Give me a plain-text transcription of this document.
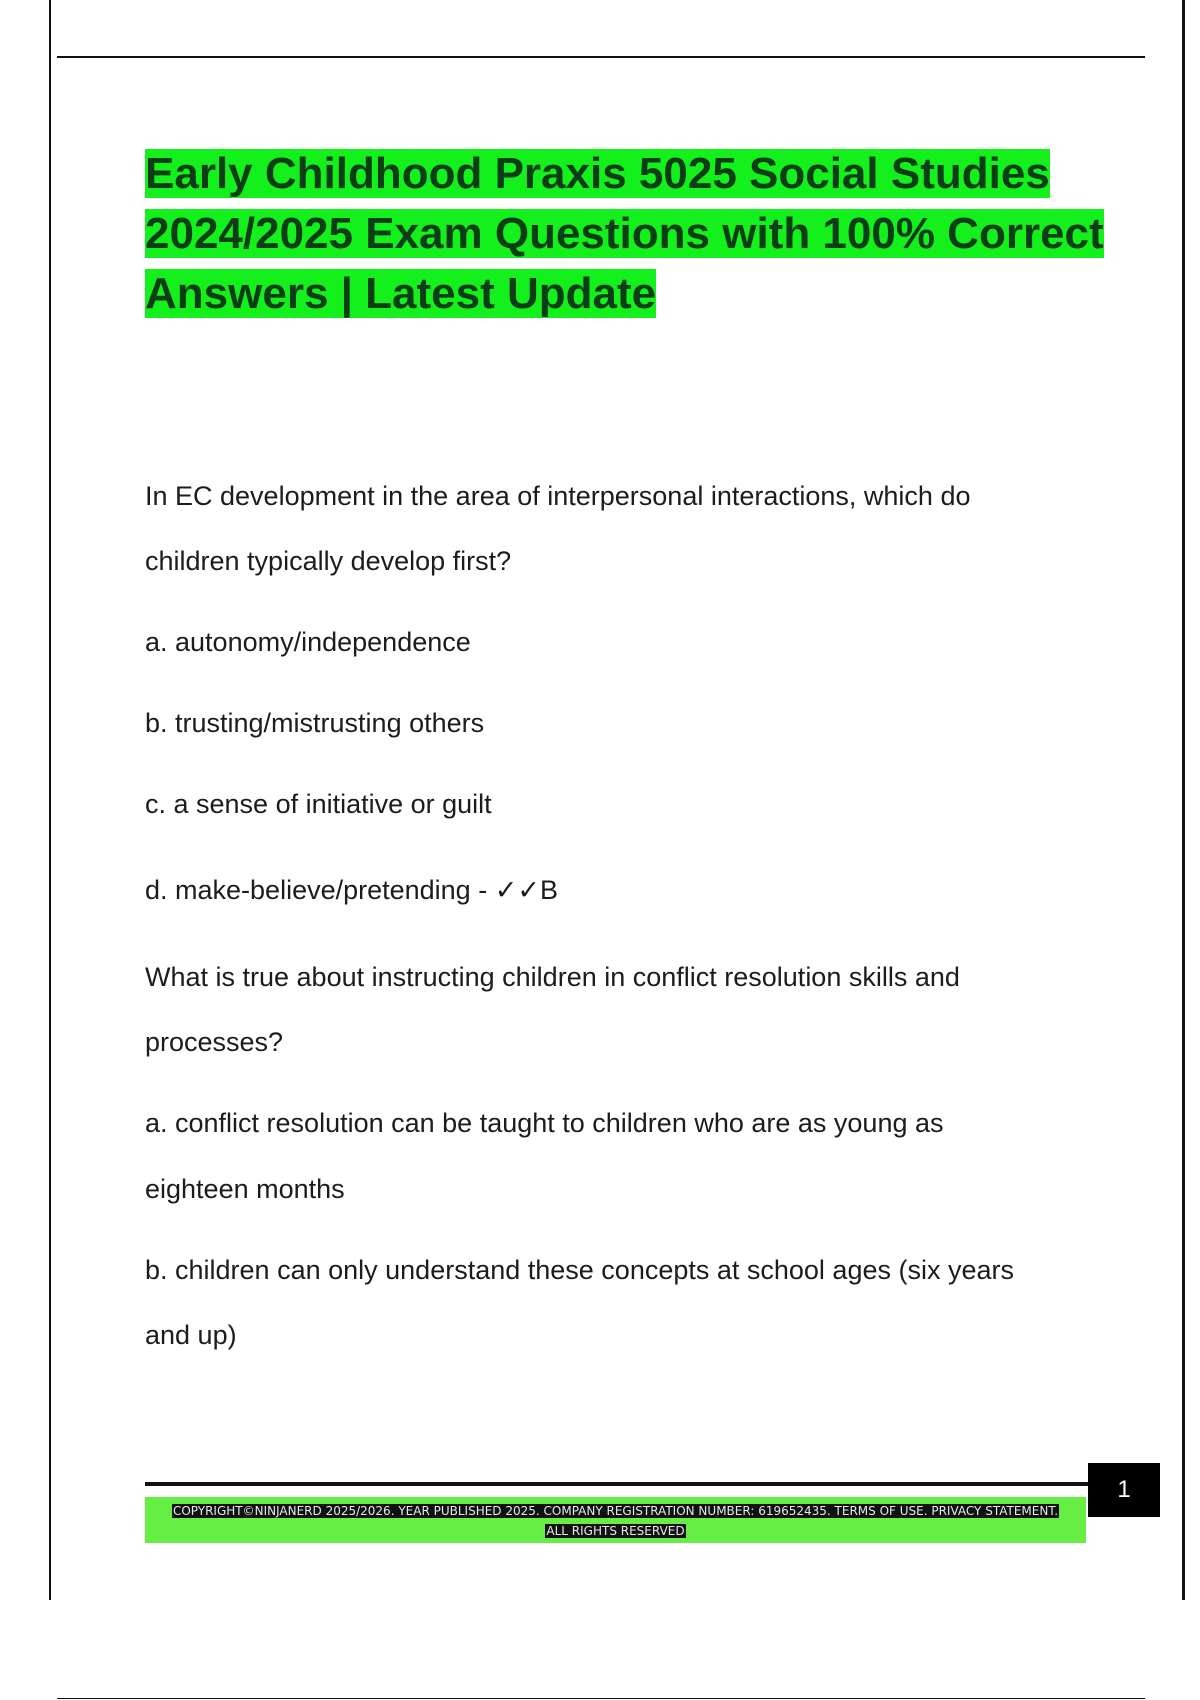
Early Childhood Praxis 5025 Social Studies 2024/2025 Exam Questions with 100% Correct Answers | Latest Update
In EC development in the area of interpersonal interactions, which do
children typically develop first?
a. autonomy/independence
b. trusting/mistrusting others
c. a sense of initiative or guilt
d. make-believe/pretending - ✓✓B
What is true about instructing children in conflict resolution skills and
processes?
a. conflict resolution can be taught to children who are as young as
eighteen months
b. children can only understand these concepts at school ages (six years
and up)
COPYRIGHT©NINJANERD 2025/2026. YEAR PUBLISHED 2025. COMPANY REGISTRATION NUMBER: 619652435. TERMS OF USE. PRIVACY STATEMENT. ALL RIGHTS RESERVED
1
